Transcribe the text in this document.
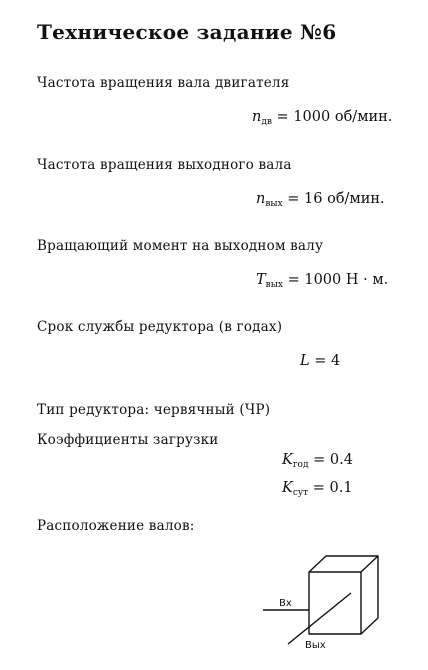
Техническое задание №6
Частота вращения вала двигателя
$n_{дв} = 1000$ об/мин.
Частота вращения выходного вала
$n_{вых} = 16$ об/мин.
Вращающий момент на выходном валу
$T_{вых} = 1000$ Н · м.
Срок службы редуктора (в годах)
L = 4
Тип редуктора: червячный (ЧР)
Коэффициенты загрузки
$K_{год} = 0.4$
$K_{сут} = 0.1$
Расположение валов:
Вх
Вых
